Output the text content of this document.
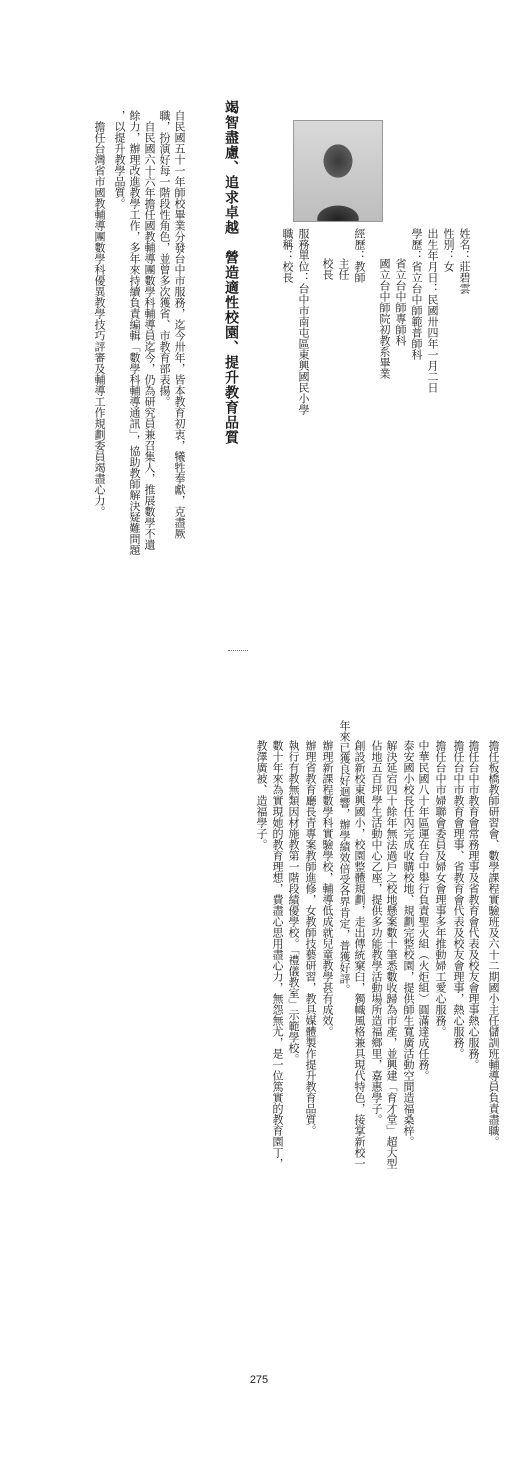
姓名：莊碧雲
性別：女
出生年月日：民國卅四年一月二日
學歷：省立台中師範普師科
省立台中師專師科
國立台中師院初教系畢業
經歷：教師
主任
校長
服務單位：台中市南屯區東興國民小學
職稱：校長
竭智盡慮、追求卓越　營造適性校園、提升教育品質
自民國五十一年師校畢業分發台中市服務，迄今卅年，皆本教育初衷，犧牲奉獻，克盡厥
職，扮演好每一階段性角色，並曾多次獲省、市教育部表揚。
　自民國六十六年擔任國教輔導團數學科輔導員迄今，仍為研究員兼召集人，推展數學不遺
餘力，辦理改進教學工作，多年來持續負責編輯「數學科輔導通訊」，協助教師解決疑難問題
，以提升教學品質。
　擔任台灣省市國教輔導團數學科優異教學技巧評審及輔導工作規劃委員竭盡心力。
擔任板橋教師研習會、數學課程實驗班及六十二期國小主任儲訓班輔導員負責盡職。
擔任台中市教育會常務理事及省教育會代表及校友會理事熱心服務。
擔任台中市教育會理事、省教育會代表及校友會理事，熱心服務。
擔任台中市婦聯會委員及婦女會理事多年推動婦工愛心服務。
中華民國八十年區運在台中舉行負責聖火組（火炬組）圓滿達成任務。
泰安國小校長任內完成收購校地、規劃完整校園，提供師生寬廣活動空間造福桑梓。
解決延宕四十餘年無法過戶之校地懸案數十筆悉數收歸為市產，並興建「育才堂」超大型
佔地五百坪學生活動中心乙座，提供多功能教學活動場所造福鄉里，嘉惠學子。
創設新校東興國小，校園整體規劃，走出傳統窠臼，獨幟風格兼具現代特色，接掌新校一
年來已獲良好迴響，辦學績效倍受各界肯定，普獲好評。
辦理新課程數學科實驗學校，輔導低成就兒童教學甚有成效。
辦理省教育廳長青專案教師進修，女教師技藝研習，教具媒體製作提升教育品質。
執行有教無類因材施教第一階段績優學校。「禮儀教室」示範學校。
數十年來為實現她的教育理想，費盡心思用盡心力，無怨無尤，是一位篤實的教育園丁，
教澤廣被、造福學子。
275
